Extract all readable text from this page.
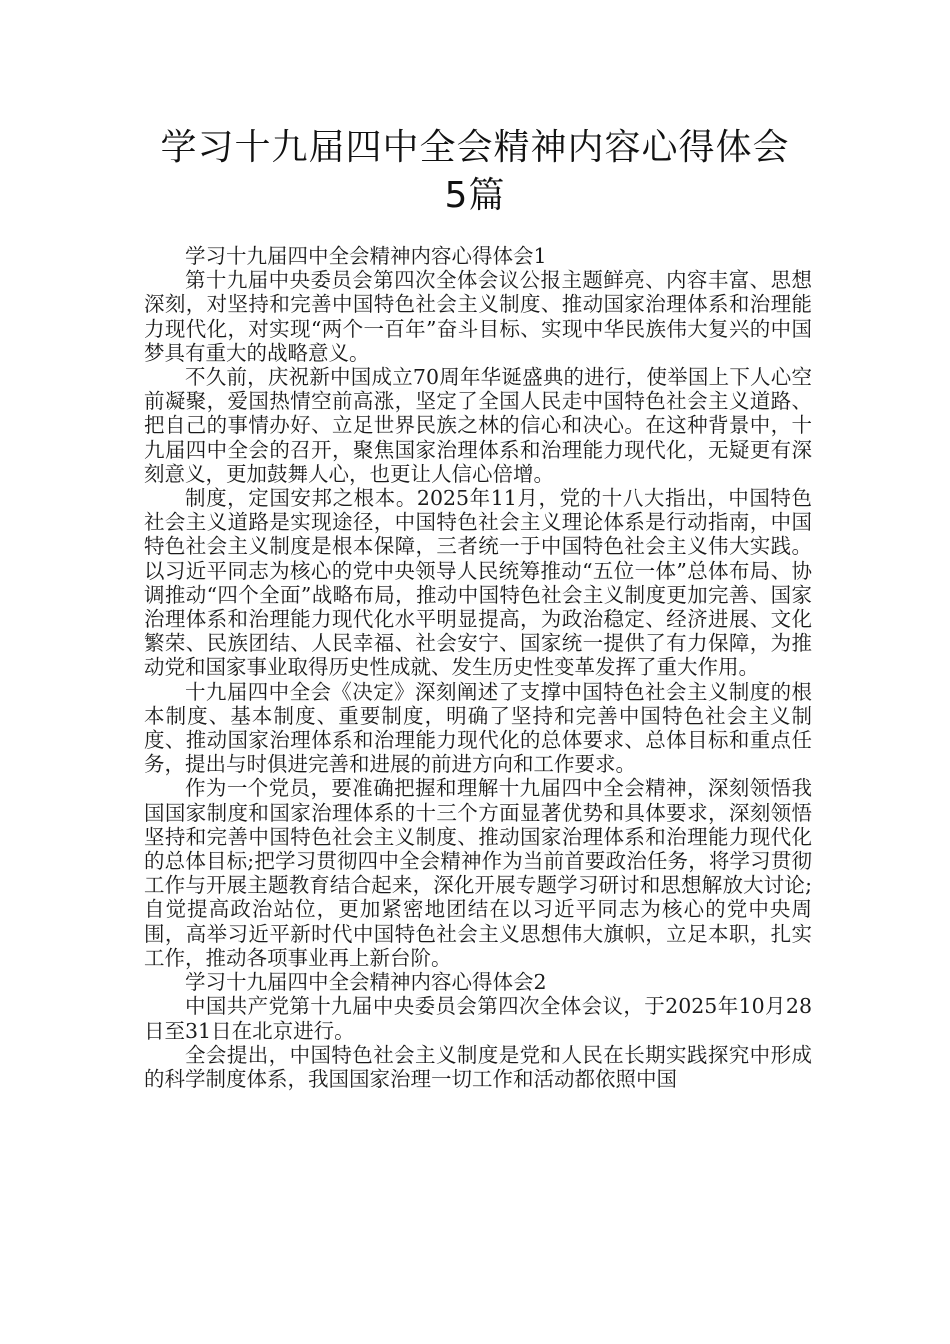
学习十九届四中全会精神内容心得体会
5篇

学习十九届四中全会精神内容心得体会1

第十九届中央委员会第四次全体会议公报主题鲜亮、内容丰富、思想深刻，对坚持和完善中国特色社会主义制度、推动国家治理体系和治理能力现代化，对实现“两个一百年”奋斗目标、实现中华民族伟大复兴的中国梦具有重大的战略意义。

不久前，庆祝新中国成立70周年华诞盛典的进行，使举国上下人心空前凝聚，爱国热情空前高涨，坚定了全国人民走中国特色社会主义道路、把自己的事情办好、立足世界民族之林的信心和决心。在这种背景中，十九届四中全会的召开，聚焦国家治理体系和治理能力现代化，无疑更有深刻意义，更加鼓舞人心，也更让人信心倍增。

制度，定国安邦之根本。2025年11月，党的十八大指出，中国特色社会主义道路是实现途径，中国特色社会主义理论体系是行动指南，中国特色社会主义制度是根本保障，三者统一于中国特色社会主义伟大实践。以习近平同志为核心的党中央领导人民统筹推动“五位一体”总体布局、协调推动“四个全面”战略布局，推动中国特色社会主义制度更加完善、国家治理体系和治理能力现代化水平明显提高，为政治稳定、经济进展、文化繁荣、民族团结、人民幸福、社会安宁、国家统一提供了有力保障，为推动党和国家事业取得历史性成就、发生历史性变革发挥了重大作用。

十九届四中全会《决定》深刻阐述了支撑中国特色社会主义制度的根本制度、基本制度、重要制度，明确了坚持和完善中国特色社会主义制度、推动国家治理体系和治理能力现代化的总体要求、总体目标和重点任务，提出与时俱进完善和进展的前进方向和工作要求。

作为一个党员，要准确把握和理解十九届四中全会精神，深刻领悟我国国家制度和国家治理体系的十三个方面显著优势和具体要求，深刻领悟坚持和完善中国特色社会主义制度、推动国家治理体系和治理能力现代化的总体目标;把学习贯彻四中全会精神作为当前首要政治任务，将学习贯彻工作与开展主题教育结合起来，深化开展专题学习研讨和思想解放大讨论;自觉提高政治站位，更加紧密地团结在以习近平同志为核心的党中央周围，高举习近平新时代中国特色社会主义思想伟大旗帜，立足本职，扎实工作，推动各项事业再上新台阶。

学习十九届四中全会精神内容心得体会2

中国共产党第十九届中央委员会第四次全体会议，于2025年10月28日至31日在北京进行。

全会提出，中国特色社会主义制度是党和人民在长期实践探究中形成的科学制度体系，我国国家治理一切工作和活动都依照中国
